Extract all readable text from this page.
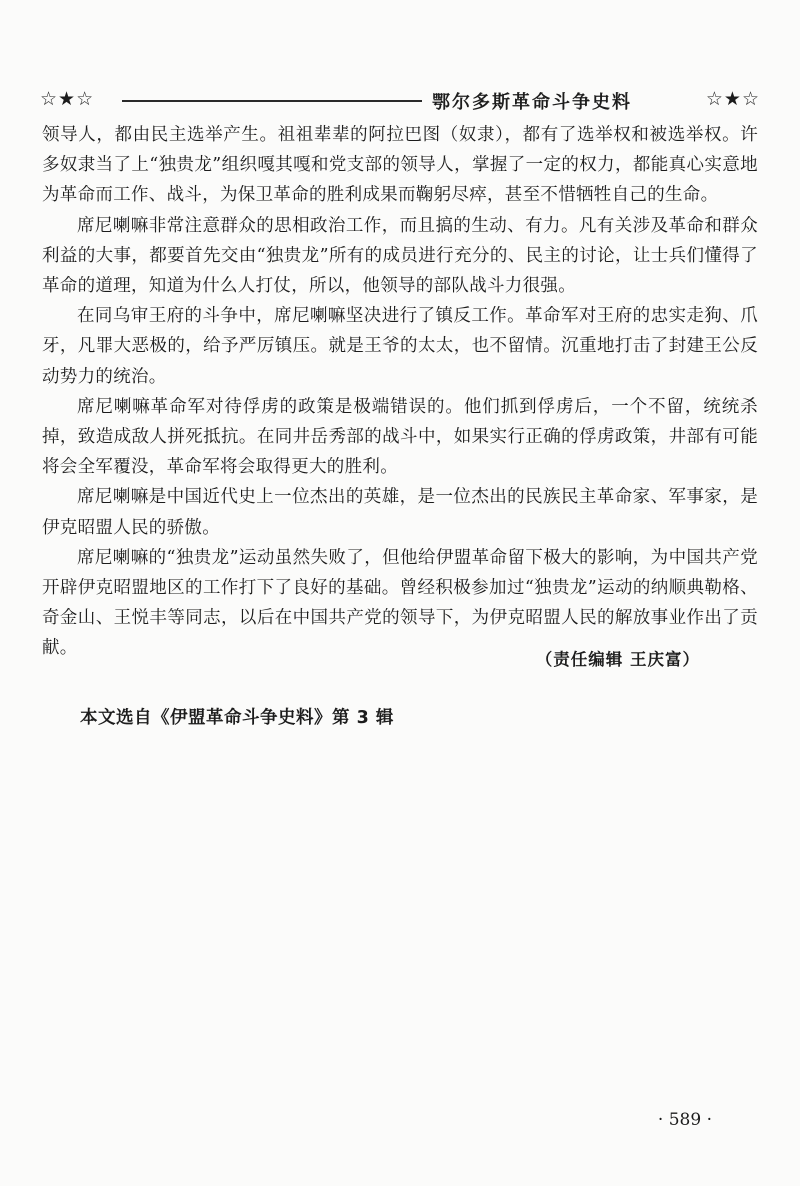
☆★☆	鄂尔多斯革命斗争史料	☆★☆

领导人，都由民主选举产生。祖祖辈辈的阿拉巴图（奴隶），都有了选举权和被选举权。许多奴隶当了上“独贵龙”组织嘎其嘎和党支部的领导人，掌握了一定的权力，都能真心实意地为革命而工作、战斗，为保卫革命的胜利成果而鞠躬尽瘁，甚至不惜牺牲自己的生命。

席尼喇嘛非常注意群众的思相政治工作，而且搞的生动、有力。凡有关涉及革命和群众利益的大事，都要首先交由“独贵龙”所有的成员进行充分的、民主的讨论，让士兵们懂得了革命的道理，知道为什么人打仗，所以，他领导的部队战斗力很强。

在同乌审王府的斗争中，席尼喇嘛坚决进行了镇反工作。革命军对王府的忠实走狗、爪牙，凡罪大恶极的，给予严厉镇压。就是王爷的太太，也不留情。沉重地打击了封建王公反动势力的统治。

席尼喇嘛革命军对待俘虏的政策是极端错误的。他们抓到俘虏后，一个不留，统统杀掉，致造成敌人拼死抵抗。在同井岳秀部的战斗中，如果实行正确的俘虏政策，井部有可能将会全军覆没，革命军将会取得更大的胜利。

席尼喇嘛是中国近代史上一位杰出的英雄，是一位杰出的民族民主革命家、军事家，是伊克昭盟人民的骄傲。

席尼喇嘛的“独贵龙”运动虽然失败了，但他给伊盟革命留下极大的影响，为中国共产党开辟伊克昭盟地区的工作打下了良好的基础。曾经积极参加过“独贵龙”运动的纳顺典勒格、奇金山、王悦丰等同志，以后在中国共产党的领导下，为伊克昭盟人民的解放事业作出了贡献。

（责任编辑 王庆富）
本文选自《伊盟革命斗争史料》第 3 辑
· 589 ·
